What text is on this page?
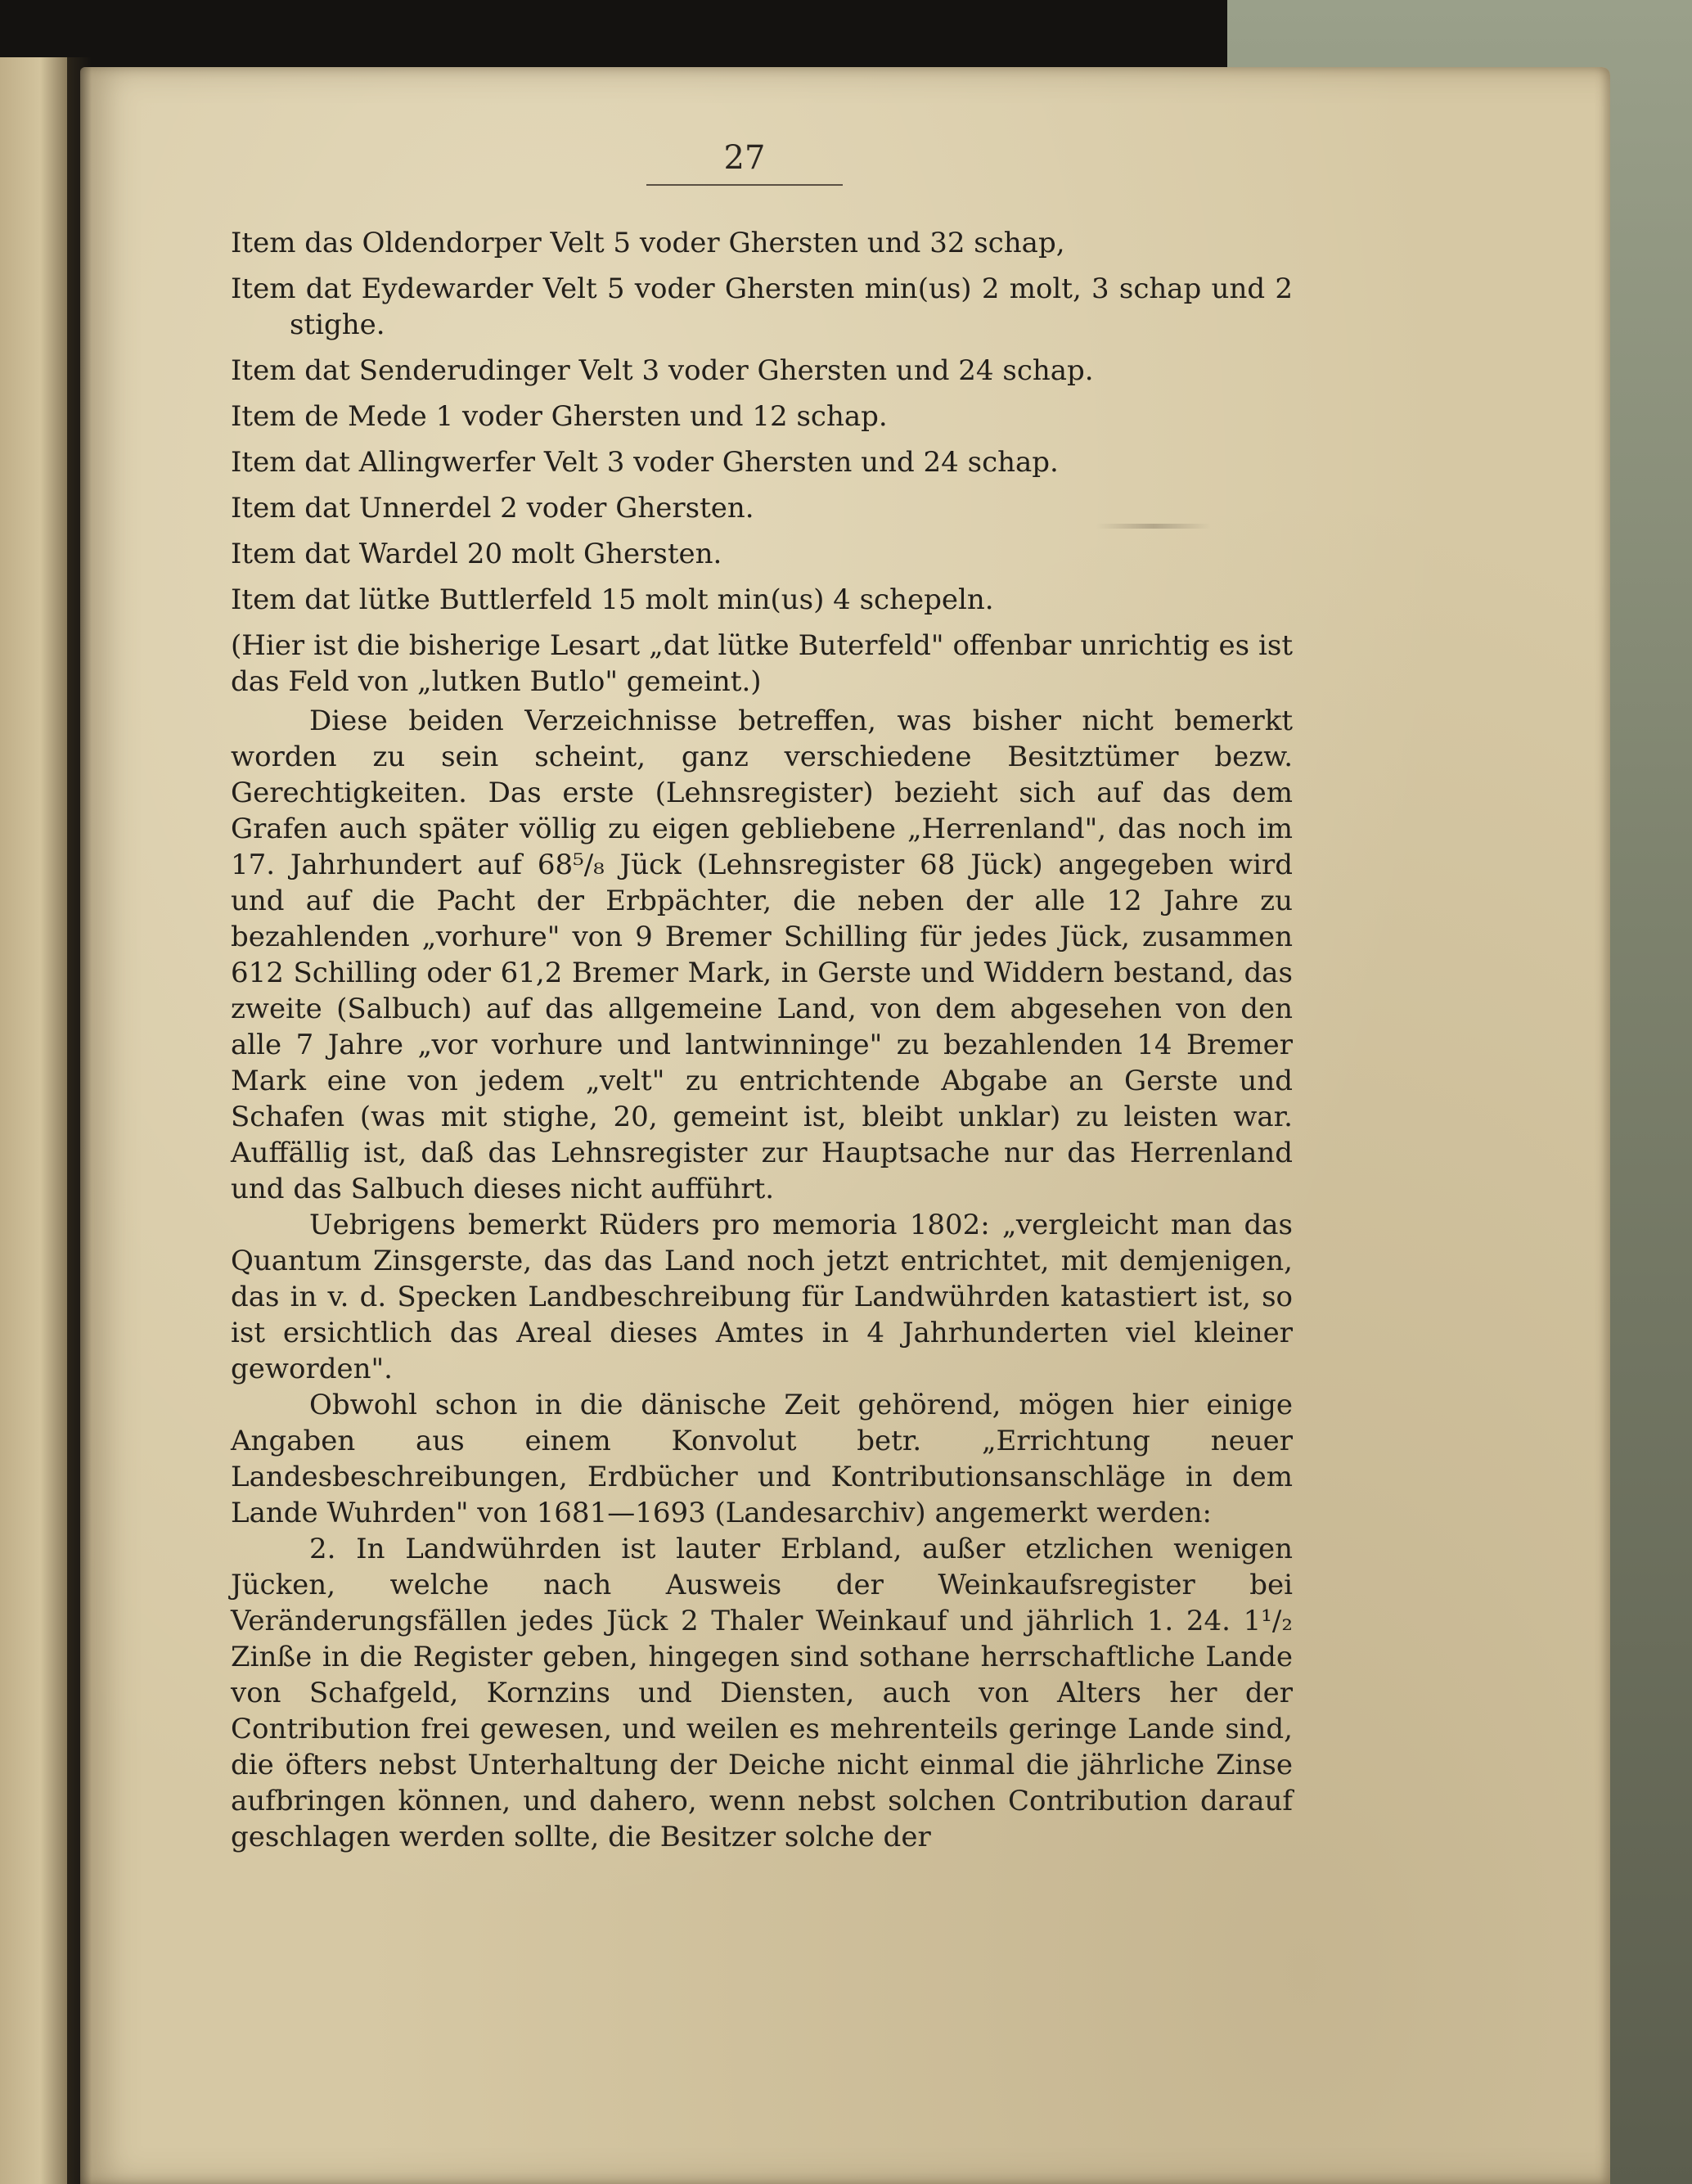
27

Item das Oldendorper Velt 5 voder Ghersten und 32 schap,

Item dat Eydewarder Velt 5 voder Ghersten min(us) 2 molt, 3 schap und 2 stighe.

Item dat Senderudinger Velt 3 voder Ghersten und 24 schap.

Item de Mede 1 voder Ghersten und 12 schap.

Item dat Allingwerfer Velt 3 voder Ghersten und 24 schap.

Item dat Unnerdel 2 voder Ghersten.

Item dat Wardel 20 molt Ghersten.

Item dat lütke Buttlerfeld 15 molt min(us) 4 schepeln.

(Hier ist die bisherige Lesart „dat lütke Buterfeld" offenbar unrichtig es ist das Feld von „lutken Butlo" gemeint.)

Diese beiden Verzeichnisse betreffen, was bisher nicht bemerkt worden zu sein scheint, ganz verschiedene Besitztümer bezw. Gerechtigkeiten. Das erste (Lehnsregister) bezieht sich auf das dem Grafen auch später völlig zu eigen gebliebene „Herrenland", das noch im 17. Jahrhundert auf 68⁵/₈ Jück (Lehnsregister 68 Jück) angegeben wird und auf die Pacht der Erbpächter, die neben der alle 12 Jahre zu bezahlenden „vorhure" von 9 Bremer Schilling für jedes Jück, zusammen 612 Schilling oder 61,2 Bremer Mark, in Gerste und Widdern bestand, das zweite (Salbuch) auf das allgemeine Land, von dem abgesehen von den alle 7 Jahre „vor vorhure und lantwinninge" zu bezahlenden 14 Bremer Mark eine von jedem „velt" zu entrichtende Abgabe an Gerste und Schafen (was mit stighe, 20, gemeint ist, bleibt unklar) zu leisten war. Auffällig ist, daß das Lehnsregister zur Hauptsache nur das Herrenland und das Salbuch dieses nicht aufführt.

Uebrigens bemerkt Rüders pro memoria 1802: „vergleicht man das Quantum Zinsgerste, das das Land noch jetzt entrichtet, mit demjenigen, das in v. d. Specken Landbeschreibung für Landwührden katastiert ist, so ist ersichtlich das Areal dieses Amtes in 4 Jahrhunderten viel kleiner geworden".

Obwohl schon in die dänische Zeit gehörend, mögen hier einige Angaben aus einem Konvolut betr. „Errichtung neuer Landesbeschreibungen, Erdbücher und Kontributionsanschläge in dem Lande Wuhrden" von 1681—1693 (Landesarchiv) angemerkt werden:

2. In Landwührden ist lauter Erbland, außer etzlichen wenigen Jücken, welche nach Ausweis der Weinkaufsregister bei Veränderungsfällen jedes Jück 2 Thaler Weinkauf und jährlich 1. 24. 1¹/₂ Zinße in die Register geben, hingegen sind sothane herrschaftliche Lande von Schafgeld, Kornzins und Diensten, auch von Alters her der Contribution frei gewesen, und weilen es mehrenteils geringe Lande sind, die öfters nebst Unterhaltung der Deiche nicht einmal die jährliche Zinse aufbringen können, und dahero, wenn nebst solchen Contribution darauf geschlagen werden sollte, die Besitzer solche der
